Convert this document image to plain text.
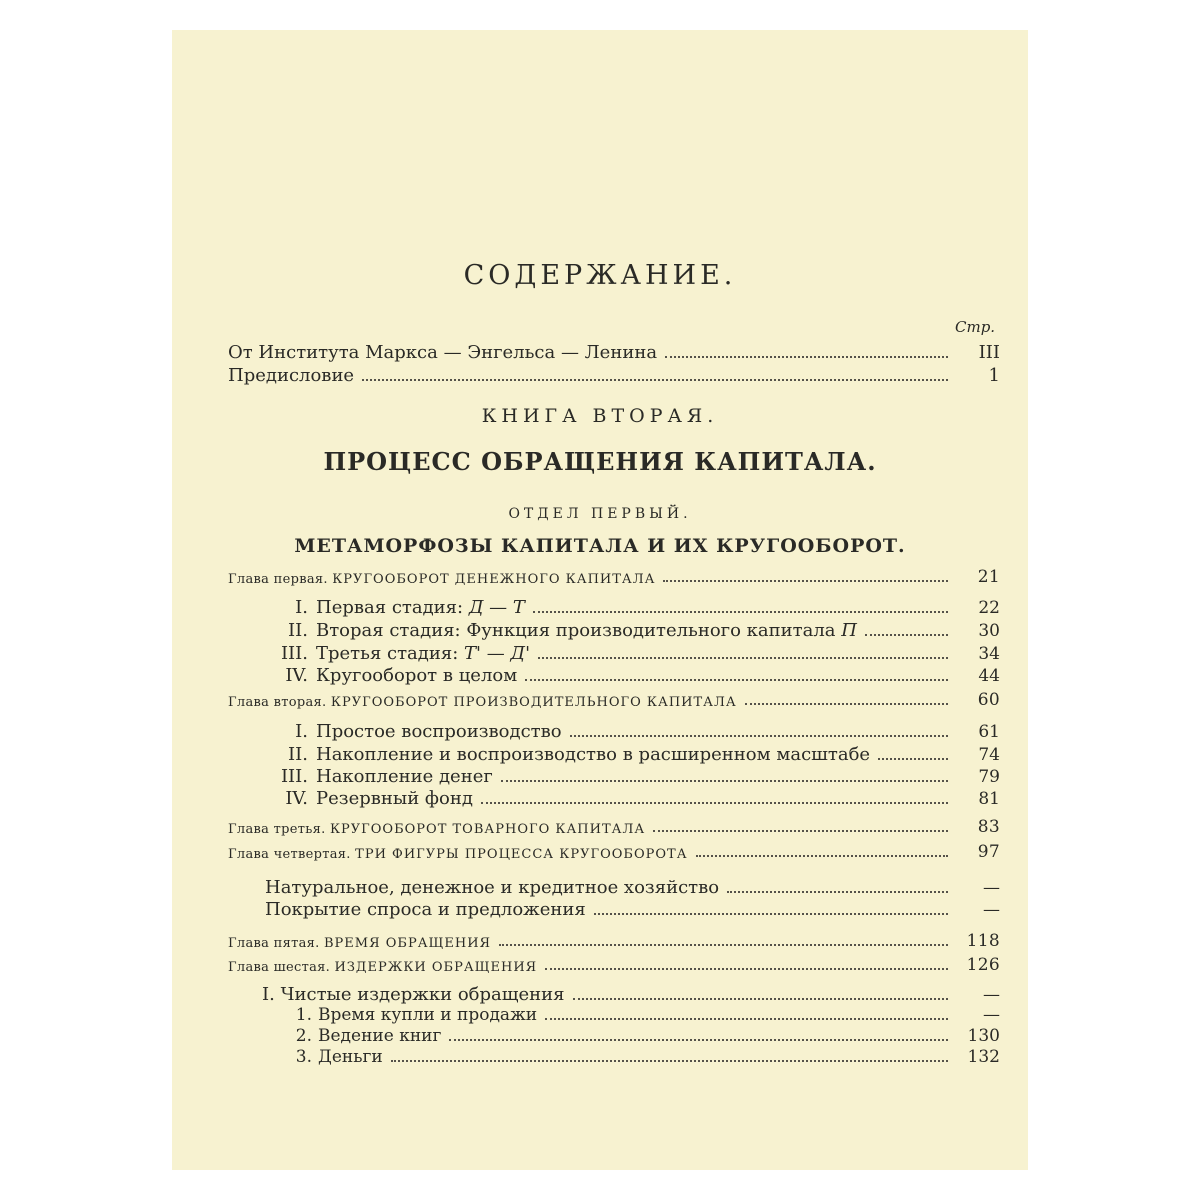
СОДЕРЖАНИЕ.
Стр.
От Института Маркса — Энгельса — Ленина	III
Предисловие	1
КНИГА ВТОРАЯ.
ПРОЦЕСС ОБРАЩЕНИЯ КАПИТАЛА.
ОТДЕЛ ПЕРВЫЙ.
МЕТАМОРФОЗЫ КАПИТАЛА И ИХ КРУГООБОРОТ.
Глава первая. КРУГООБОРОТ ДЕНЕЖНОГО КАПИТАЛА	21
I. Первая стадия: Д — Т	22
II. Вторая стадия: Функция производительного капитала П	30
III. Третья стадия: Т' — Д'	34
IV. Кругооборот в целом	44
Глава вторая. КРУГООБОРОТ ПРОИЗВОДИТЕЛЬНОГО КАПИТАЛА	60
I. Простое воспроизводство	61
II. Накопление и воспроизводство в расширенном масштабе	74
III. Накопление денег	79
IV. Резервный фонд	81
Глава третья. КРУГООБОРОТ ТОВАРНОГО КАПИТАЛА	83
Глава четвертая. ТРИ ФИГУРЫ ПРОЦЕССА КРУГООБОРОТА	97
Натуральное, денежное и кредитное хозяйство	—
Покрытие спроса и предложения	—
Глава пятая. ВРЕМЯ ОБРАЩЕНИЯ	118
Глава шестая. ИЗДЕРЖКИ ОБРАЩЕНИЯ	126
I. Чистые издержки обращения	—
1. Время купли и продажи	—
2. Ведение книг	130
3. Деньги	132
